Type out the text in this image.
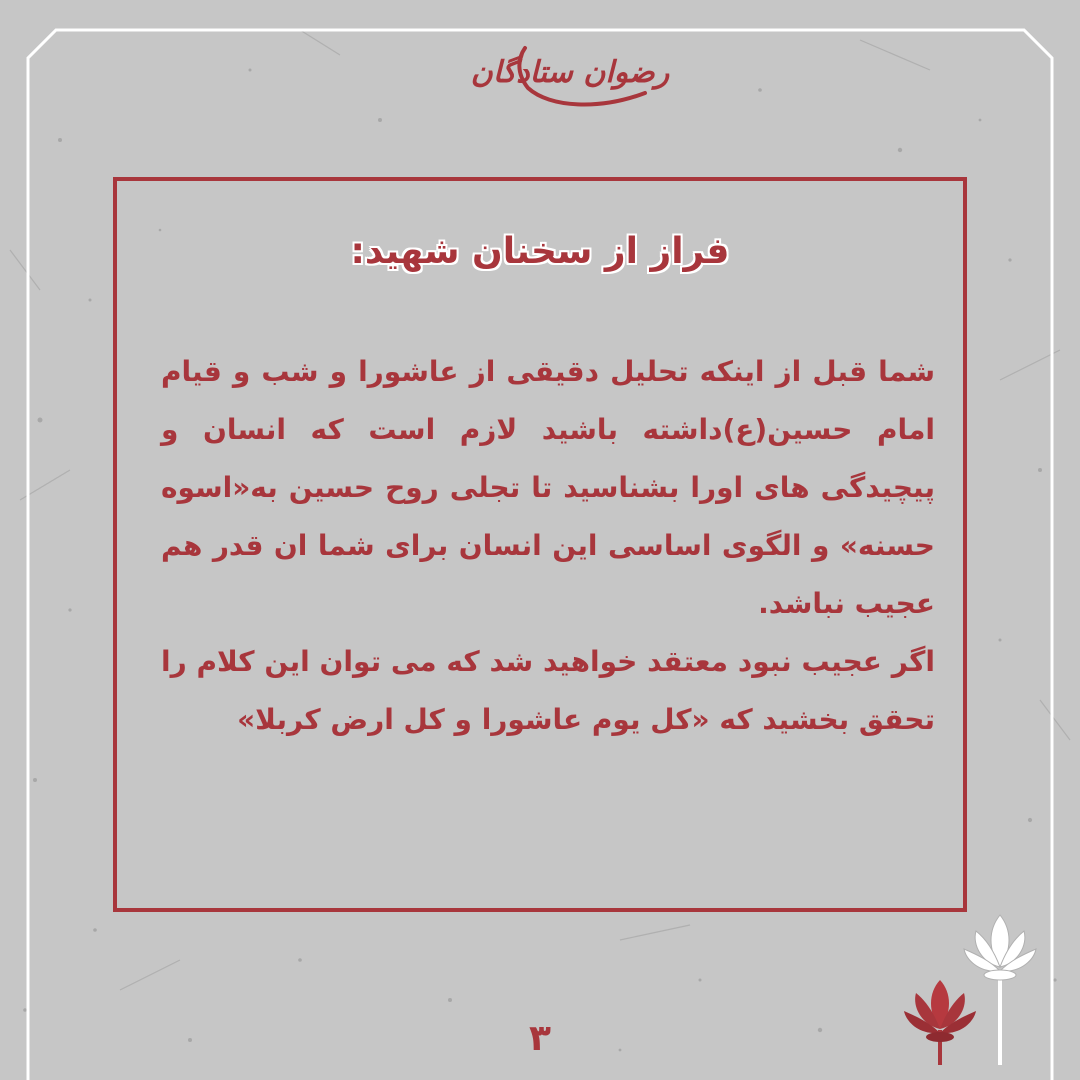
رضوان ستادگان
فراز از سخنان شهید:

شما قبل از اینکه تحلیل دقیقی از عاشورا و شب و قیام امام حسین(ع)داشته باشید لازم است که انسان و پیچیدگی های اورا بشناسید تا تجلی روح حسین به«اسوه حسنه» و الگوی اساسی این انسان برای شما ان قدر هم عجیب نباشد.

اگر عجیب نبود معتقد خواهید شد که می توان این کلام را تحقق بخشید که «کل یوم عاشورا و کل ارض کربلا»

۳
